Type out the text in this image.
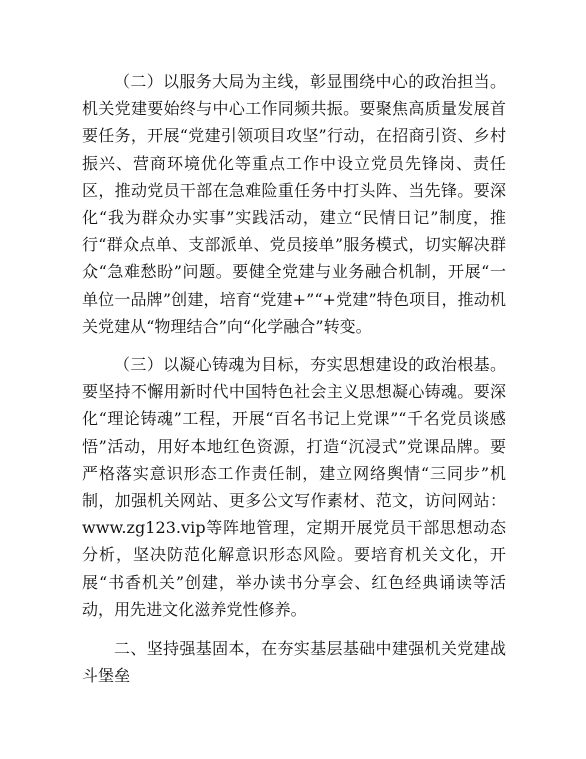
（二）以服务大局为主线，彰显围绕中心的政治担当。机关党建要始终与中心工作同频共振。要聚焦高质量发展首要任务，开展“党建引领项目攻坚”行动，在招商引资、乡村振兴、营商环境优化等重点工作中设立党员先锋岗、责任区，推动党员干部在急难险重任务中打头阵、当先锋。要深化“我为群众办实事”实践活动，建立“民情日记”制度，推行“群众点单、支部派单、党员接单”服务模式，切实解决群众“急难愁盼”问题。要健全党建与业务融合机制，开展“一单位一品牌”创建，培育“党建+”“+党建”特色项目，推动机关党建从“物理结合”向“化学融合”转变。

（三）以凝心铸魂为目标，夯实思想建设的政治根基。要坚持不懈用新时代中国特色社会主义思想凝心铸魂。要深化“理论铸魂”工程，开展“百名书记上党课”“千名党员谈感悟”活动，用好本地红色资源，打造“沉浸式”党课品牌。要严格落实意识形态工作责任制，建立网络舆情“三同步”机制，加强机关网站、更多公文写作素材、范文，访问网站：www.zg123.vip等阵地管理，定期开展党员干部思想动态分析，坚决防范化解意识形态风险。要培育机关文化，开展“书香机关”创建，举办读书分享会、红色经典诵读等活动，用先进文化滋养党性修养。

二、坚持强基固本，在夯实基层基础中建强机关党建战斗堡垒
